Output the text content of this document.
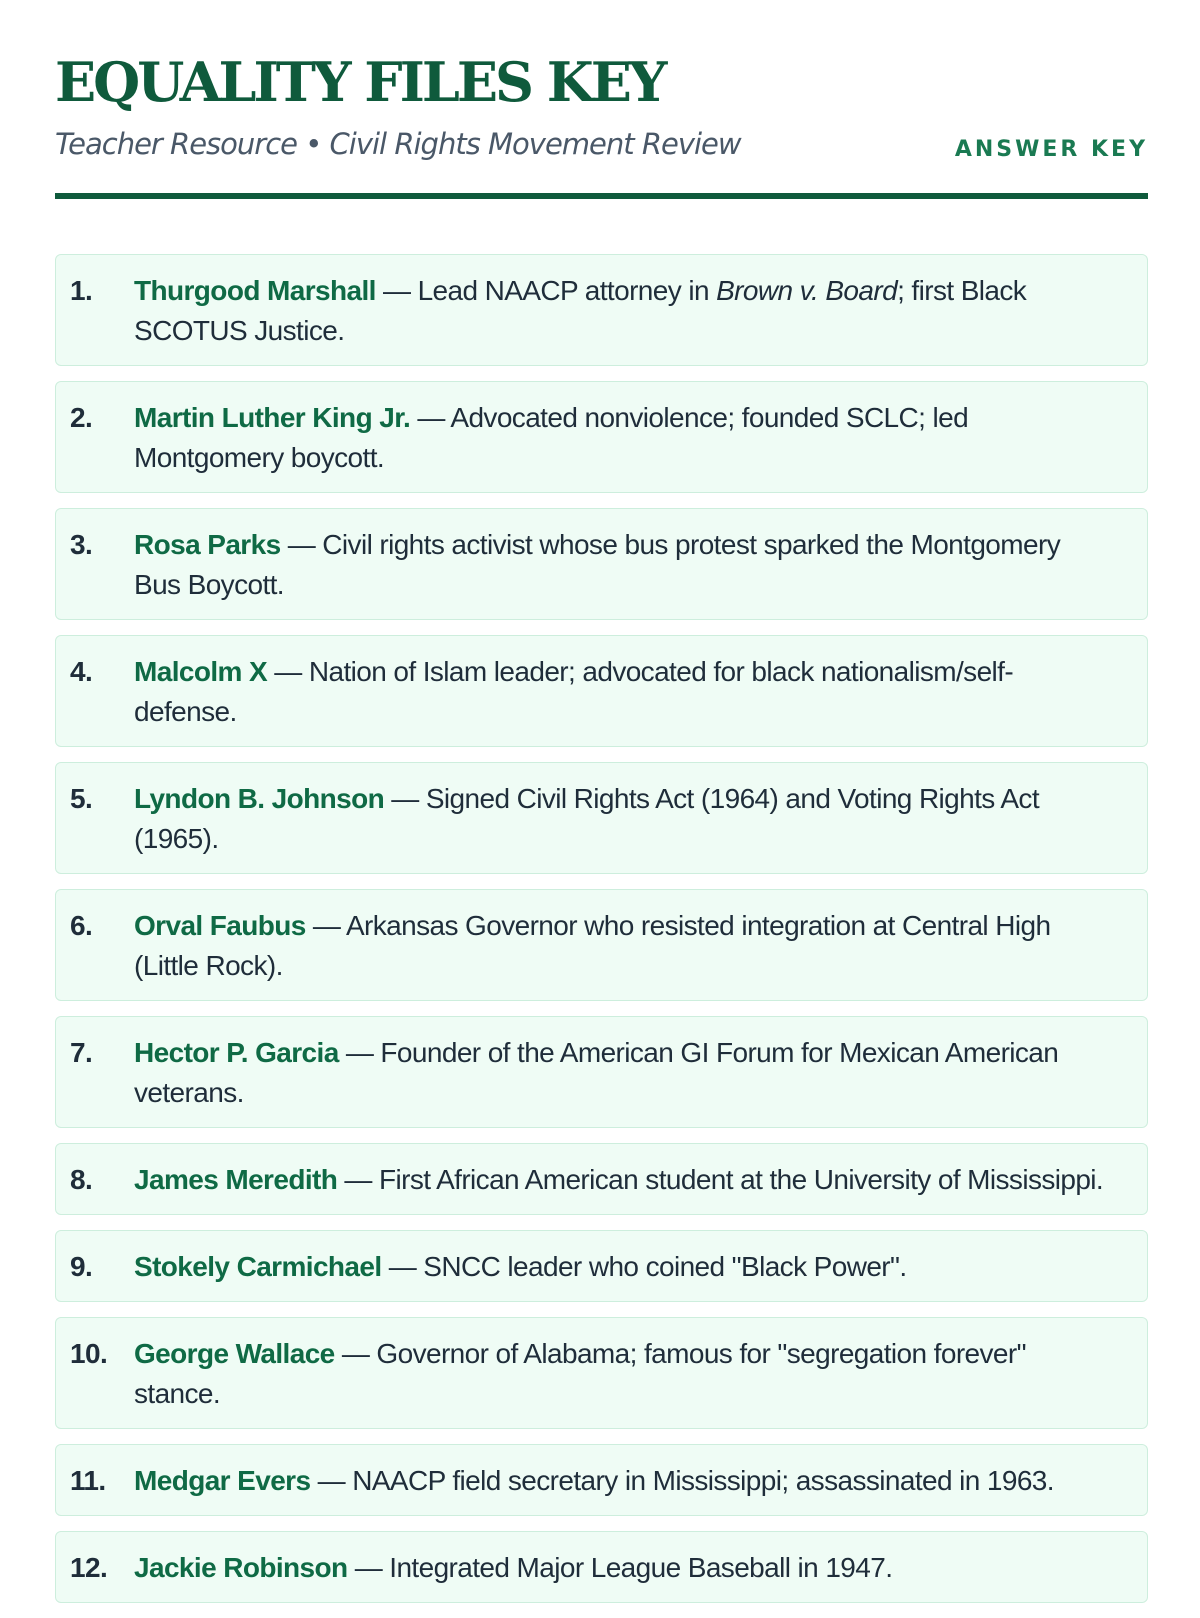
EQUALITY FILES KEY
Teacher Resource • Civil Rights Movement Review	ANSWER KEY
1. Thurgood Marshall — Lead NAACP attorney in Brown v. Board; first Black SCOTUS Justice.
2. Martin Luther King Jr. — Advocated nonviolence; founded SCLC; led Montgomery boycott.
3. Rosa Parks — Civil rights activist whose bus protest sparked the Montgomery Bus Boycott.
4. Malcolm X — Nation of Islam leader; advocated for black nationalism/self-defense.
5. Lyndon B. Johnson — Signed Civil Rights Act (1964) and Voting Rights Act (1965).
6. Orval Faubus — Arkansas Governor who resisted integration at Central High (Little Rock).
7. Hector P. Garcia — Founder of the American GI Forum for Mexican American veterans.
8. James Meredith — First African American student at the University of Mississippi.
9. Stokely Carmichael — SNCC leader who coined "Black Power".
10. George Wallace — Governor of Alabama; famous for "segregation forever" stance.
11. Medgar Evers — NAACP field secretary in Mississippi; assassinated in 1963.
12. Jackie Robinson — Integrated Major League Baseball in 1947.
